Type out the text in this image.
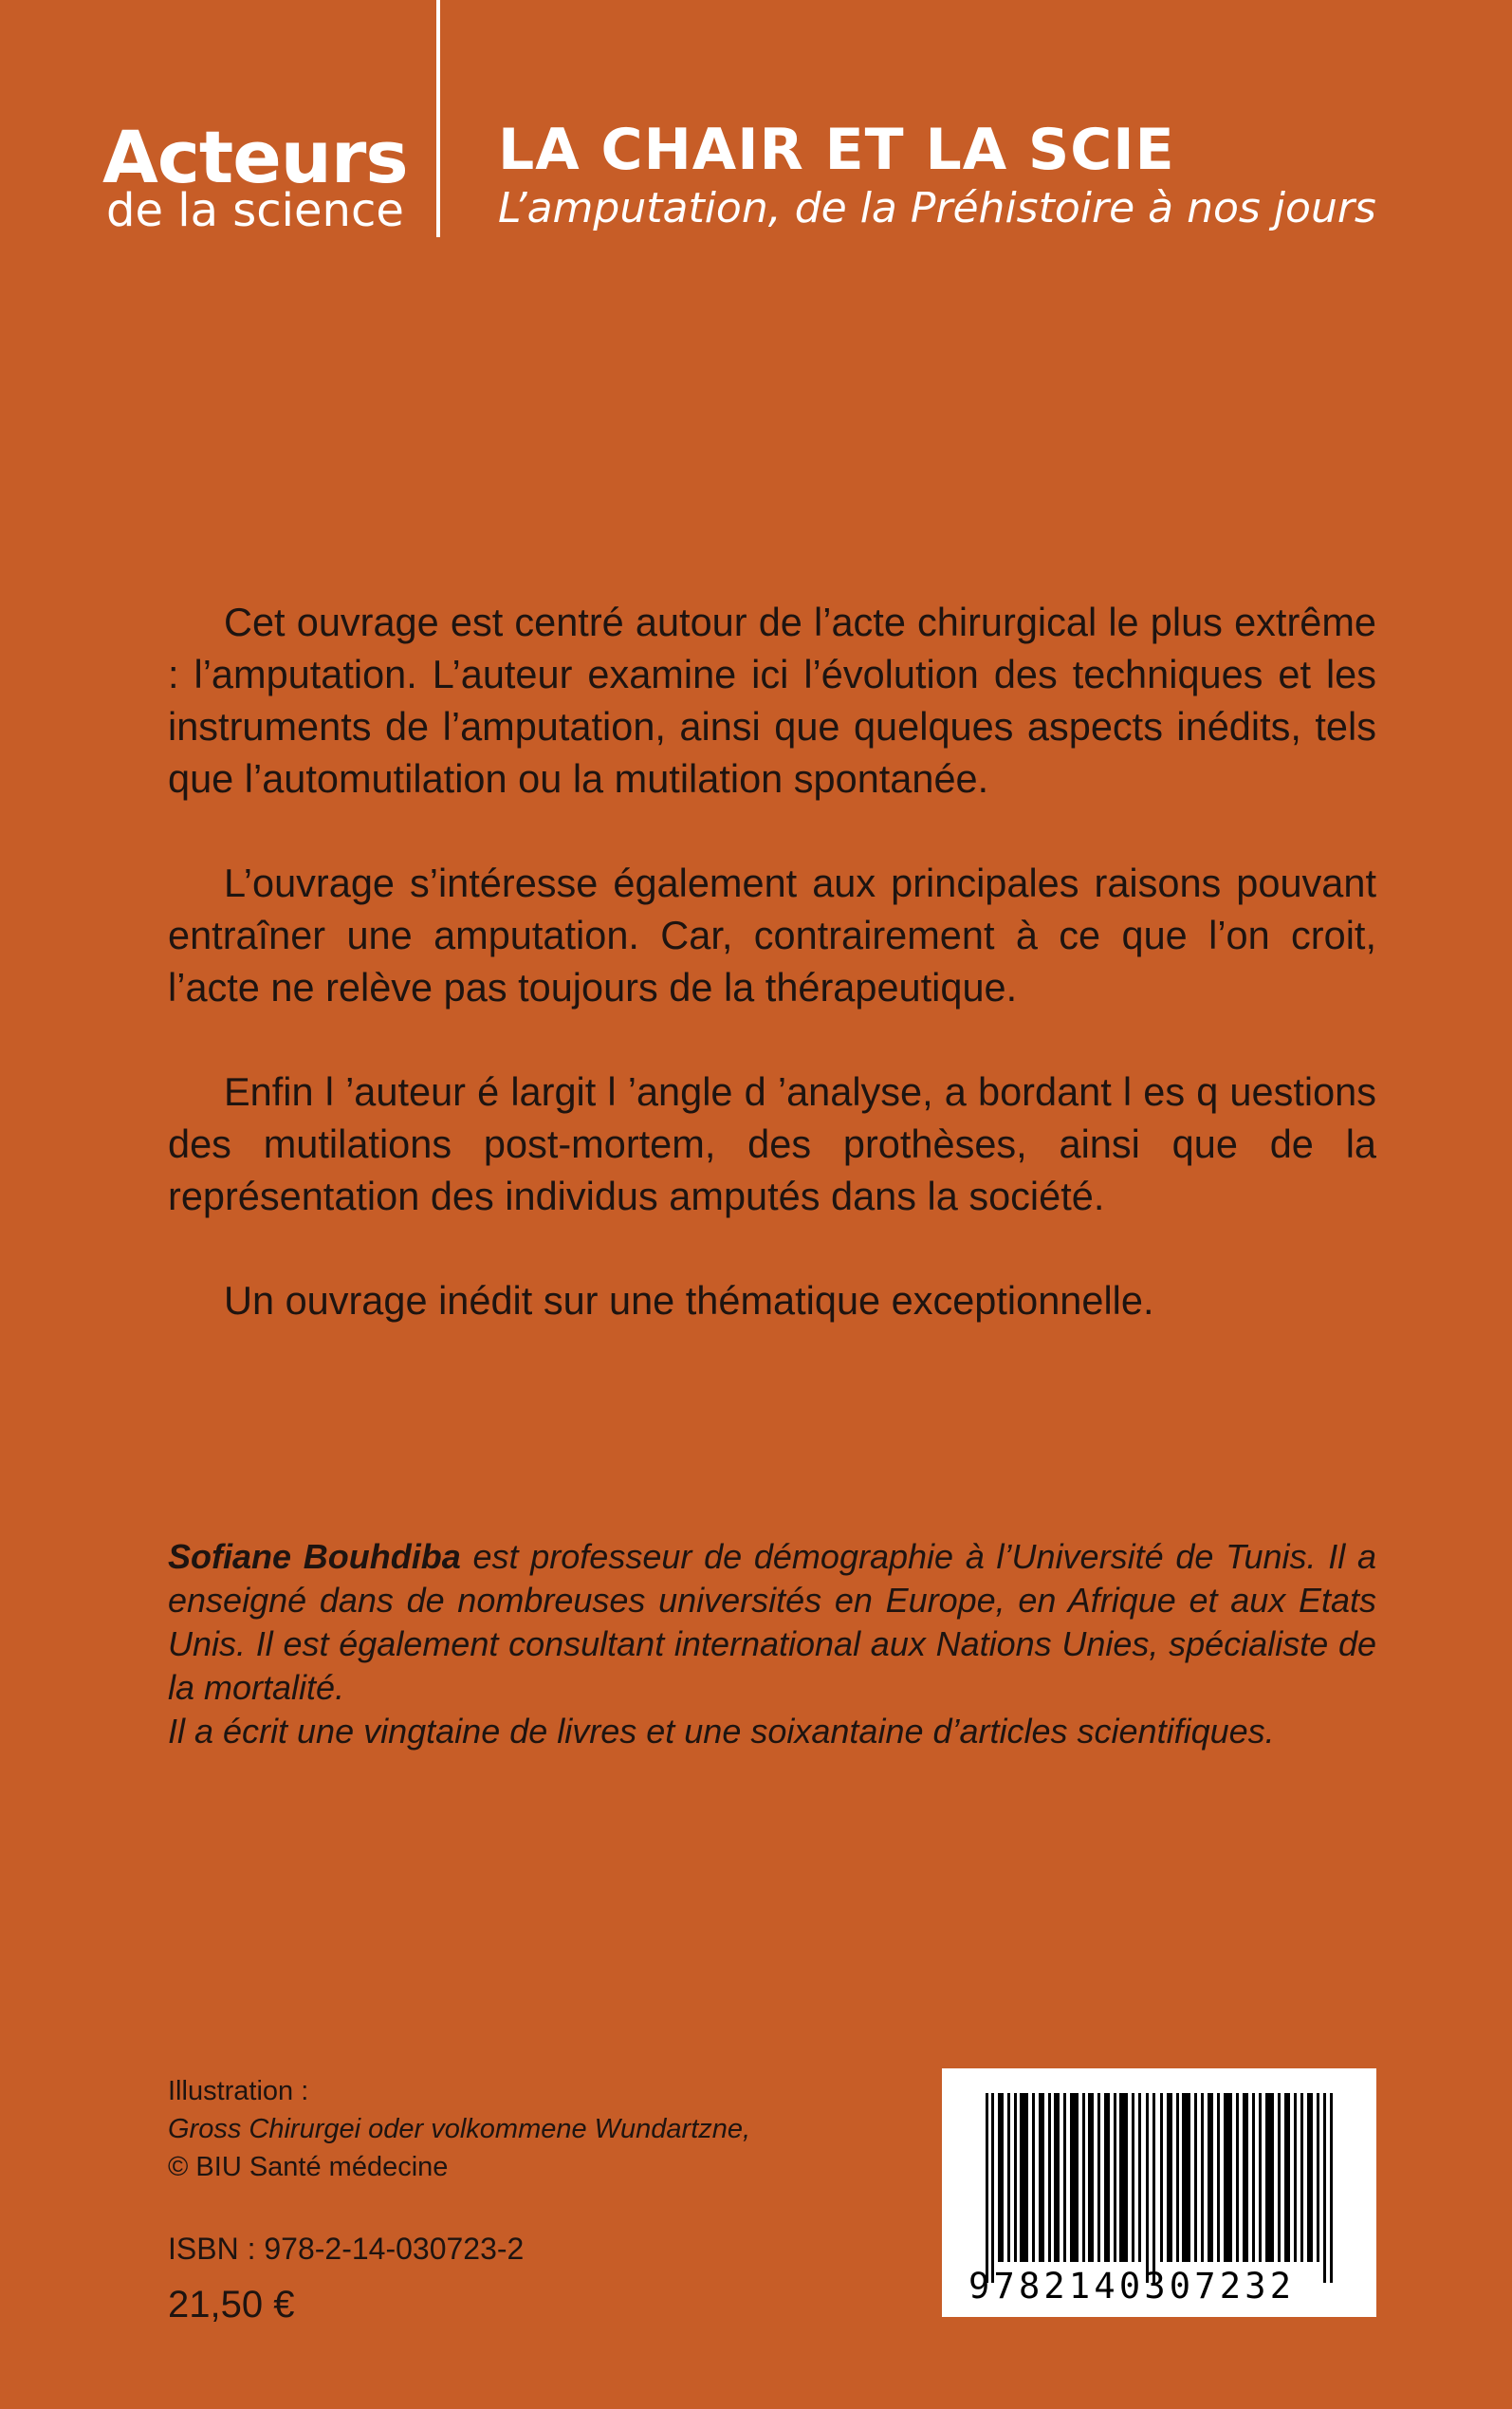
Acteurs
de la science
LA CHAIR ET LA SCIE
L’amputation, de la Préhistoire à nos jours

Cet ouvrage est centré autour de l’acte chirurgical le plus extrême : l’amputation. L’auteur examine ici l’évolution des techniques et les instruments de l’amputation, ainsi que quelques aspects inédits, tels que l’automutilation ou la mutilation spontanée.

L’ouvrage s’intéresse également aux principales raisons pouvant entraîner une amputation. Car, contrairement à ce que l’on croit, l’acte ne relève pas toujours de la thérapeutique.

Enfin l ’auteur é largit l ’angle d ’analyse, a bordant l es q uestions des mutilations post-mortem, des prothèses, ainsi que de la représentation des individus amputés dans la société.

Un ouvrage inédit sur une thématique exceptionnelle.

Sofiane Bouhdiba est professeur de démographie à l’Université de Tunis. Il a enseigné dans de nombreuses universités en Europe, en Afrique et aux Etats Unis. Il est également consultant international aux Nations Unies, spécialiste de la mortalité.

Il a écrit une vingtaine de livres et une soixantaine d’articles scientifiques.

Illustration :
Gross Chirurgei oder volkommene Wundartzne,
© BIU Santé médecine
ISBN : 978-2-14-030723-2
21,50 €	9782140307232
